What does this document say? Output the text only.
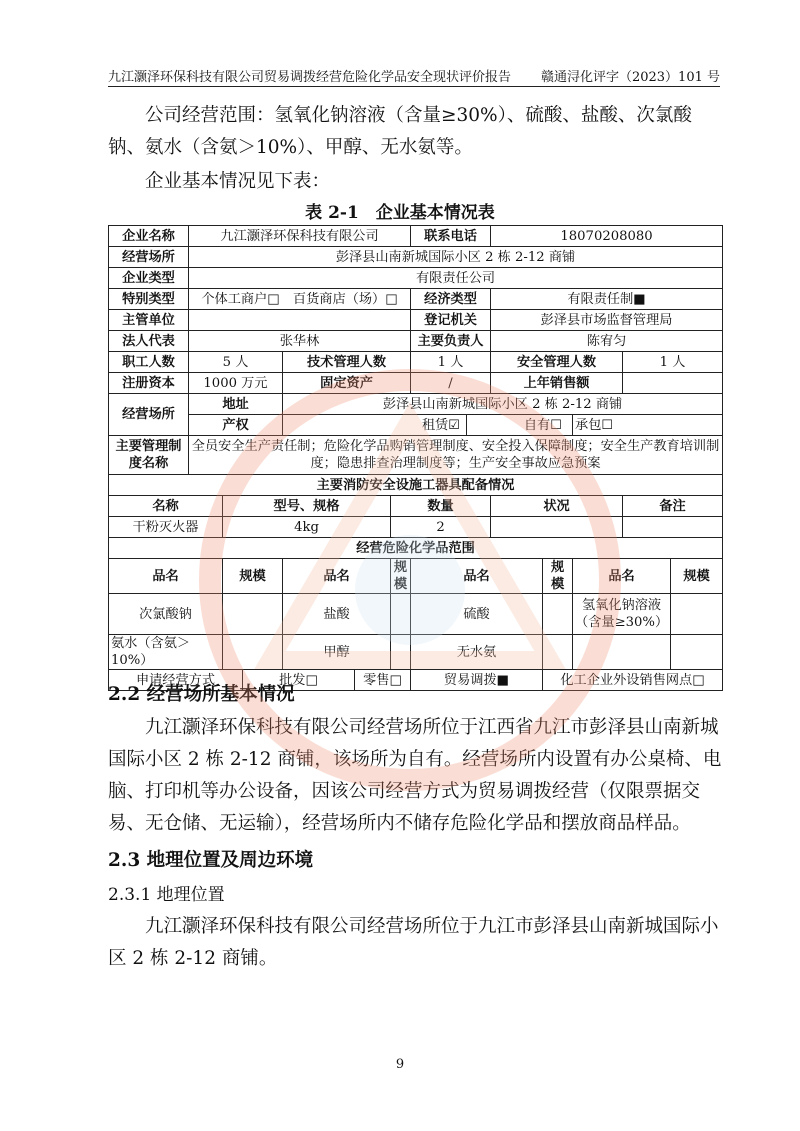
九江灏泽环保科技有限公司贸易调拨经营危险化学品安全现状评价报告 赣通浔化评字（2023）101 号
公司经营范围：氢氧化钠溶液（含量≥30%）、硫酸、盐酸、次氯酸钠、氨水（含氨＞10%）、甲醇、无水氨等。
企业基本情况见下表：
表 2-1　企业基本情况表
企业名称	九江灏泽环保科技有限公司						联系电话		18070208080				
经营场所	彭泽县山南新城国际小区 2 栋 2-12 商铺												
企业类型	有限责任公司												
特别类型	个体工商户□　百货商店（场）□						经济类型		有限责任制■				
主管单位							登记机关		彭泽县市场监督管理局				
法人代表	张华林						主要负责人		陈宥匀				
职工人数	5 人			技术管理人数			1 人		安全管理人数			1 人	
注册资本	1000 万元			固定资产			/		上年销售额				
经营场所	地址			彭泽县山南新城国际小区 2 栋 2-12 商铺									
	产权			租赁☑				自有☐			承包☐		
主要管理制度名称	全员安全生产责任制；危险化学品购销管理制度、安全投入保障制度；安全生产教育培训制度；隐患排查治理制度等；生产安全事故应急预案												
主要消防安全设施工器具配备情况													
名称		型号、规格				数量			状况			备注	
干粉灭火器		4kg				2							
经营危险化学品范围													
品名		规模		品名		规模	品名			规模	品名		规模
次氯酸钠				盐酸			硫酸				氢氧化钠溶液（含量≥30%）		
氨水（含氨＞10%）				甲醇			无水氨						
申请经营方式			批发□		零售□		贸易调拨■			化工企业外设销售网点□			
2.2 经营场所基本情况
九江灏泽环保科技有限公司经营场所位于江西省九江市彭泽县山南新城国际小区 2 栋 2-12 商铺，该场所为自有。经营场所内设置有办公桌椅、电脑、打印机等办公设备，因该公司经营方式为贸易调拨经营（仅限票据交易、无仓储、无运输），经营场所内不储存危险化学品和摆放商品样品。
2.3 地理位置及周边环境
2.3.1 地理位置
九江灏泽环保科技有限公司经营场所位于九江市彭泽县山南新城国际小区 2 栋 2-12 商铺。
9
